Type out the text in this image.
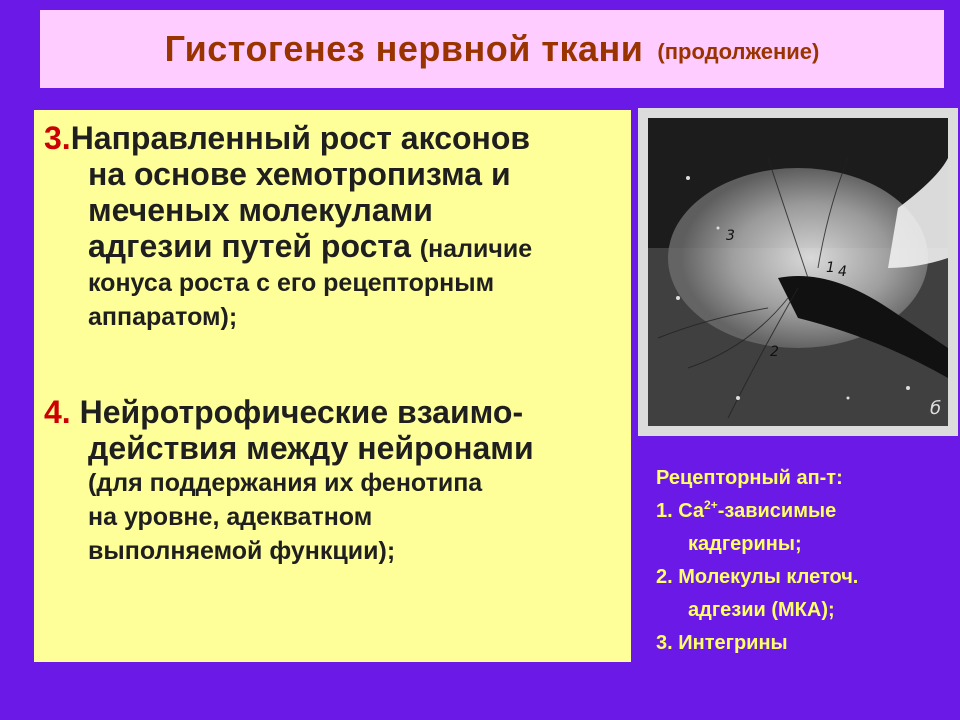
Гистогенез нервной ткани (продолжение)
3.Направленный рост аксонов
на основе хемотропизма и
меченых молекулами
адгезии путей роста (наличие
конуса роста с его рецепторным
аппаратом);
4. Нейротрофические взаимо-
действия между нейронами
(для поддержания их фенотипа
на уровне, адекватном
выполняемой функции);
3
4
1
2
б
Рецепторный ап-т:
1. $Са^{2+}$-зависимые
кадгерины;
2. Молекулы клеточ.
адгезии (МКА);
3. Интегрины
